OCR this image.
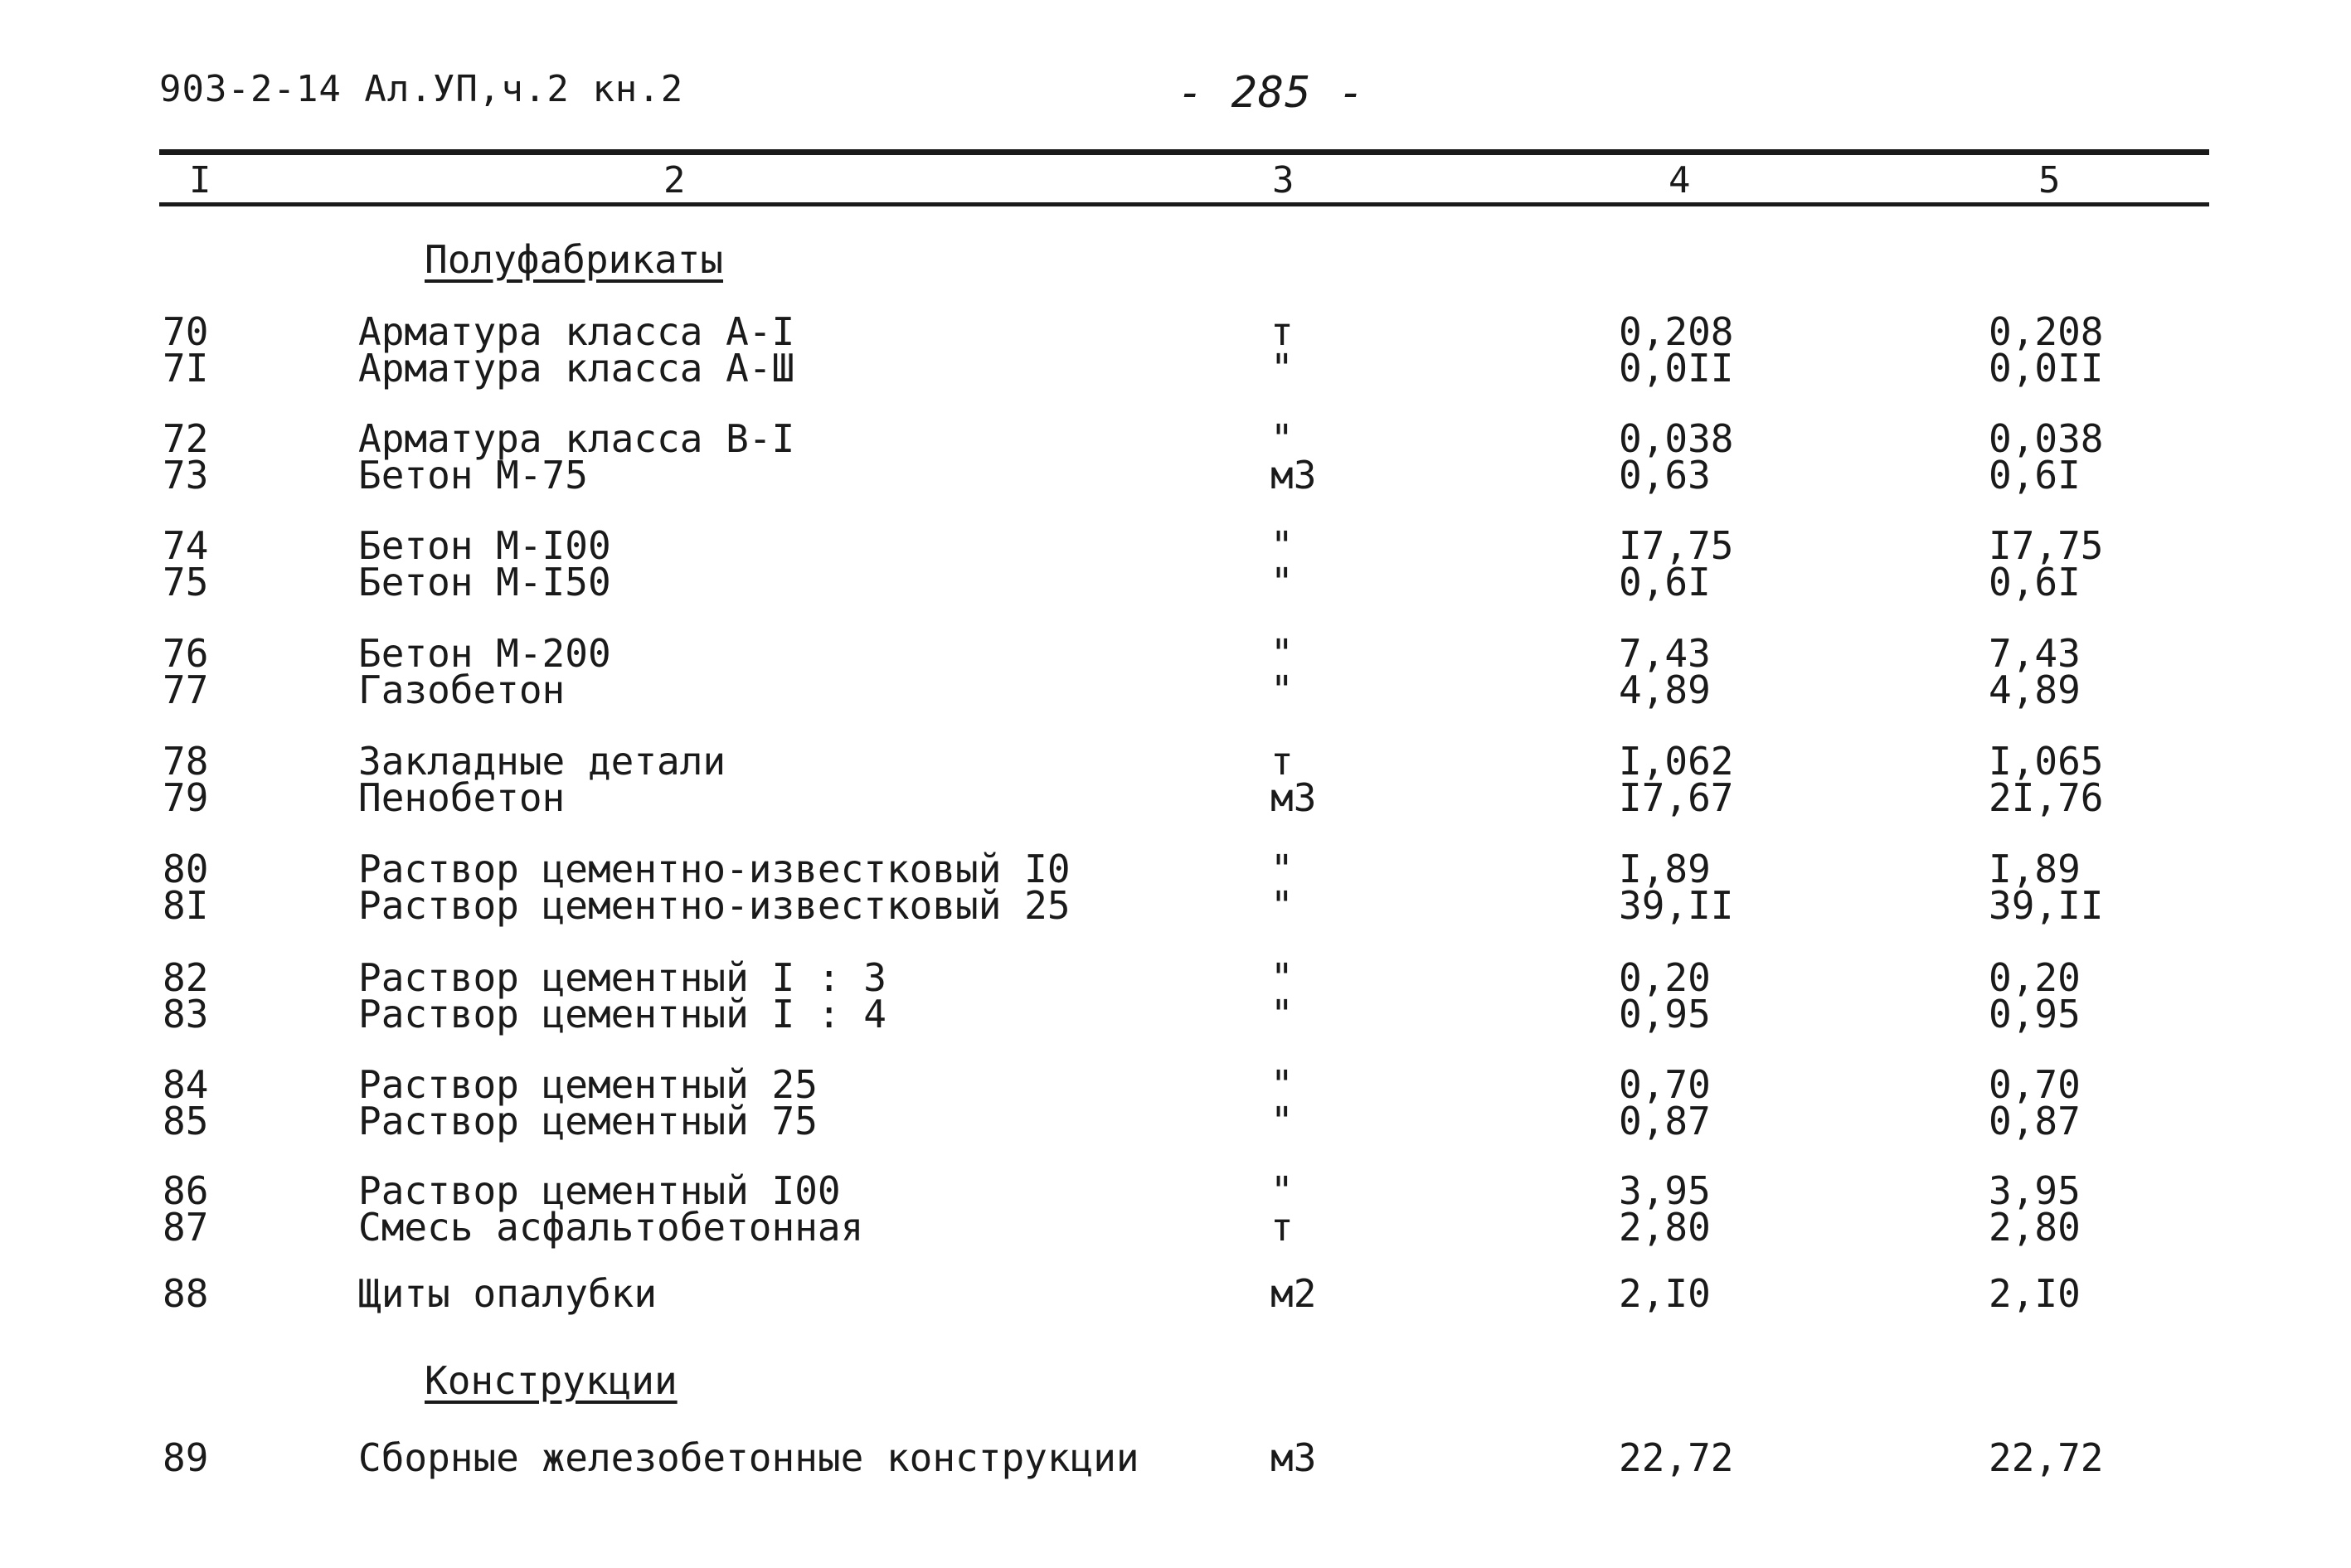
903-2-14 Ал.УП,ч.2 кн.2	- 285 -
I	2	3	4	5
Полуфабрикаты
Конструкции
70	Арматура класса А-I	т	0,208	0,208
7I	Арматура класса А-Ш	"	0,0II	0,0II
72	Арматура класса В-I	"	0,038	0,038
73	Бетон М-75	м3	0,63	0,6I
74	Бетон М-I00	"	I7,75	I7,75
75	Бетон М-I50	"	0,6I	0,6I
76	Бетон М-200	"	7,43	7,43
77	Газобетон	"	4,89	4,89
78	Закладные детали	т	I,062	I,065
79	Пенобетон	м3	I7,67	2I,76
80	Раствор цементно-известковый I0	"	I,89	I,89
8I	Раствор цементно-известковый 25	"	39,II	39,II
82	Раствор цементный I : 3	"	0,20	0,20
83	Раствор цементный I : 4	"	0,95	0,95
84	Раствор цементный 25	"	0,70	0,70
85	Раствор цементный 75	"	0,87	0,87
86	Раствор цементный I00	"	3,95	3,95
87	Смесь асфальтобетонная	т	2,80	2,80
88	Щиты опалубки	м2	2,I0	2,I0
89	Сборные железобетонные конструкции	м3	22,72	22,72
